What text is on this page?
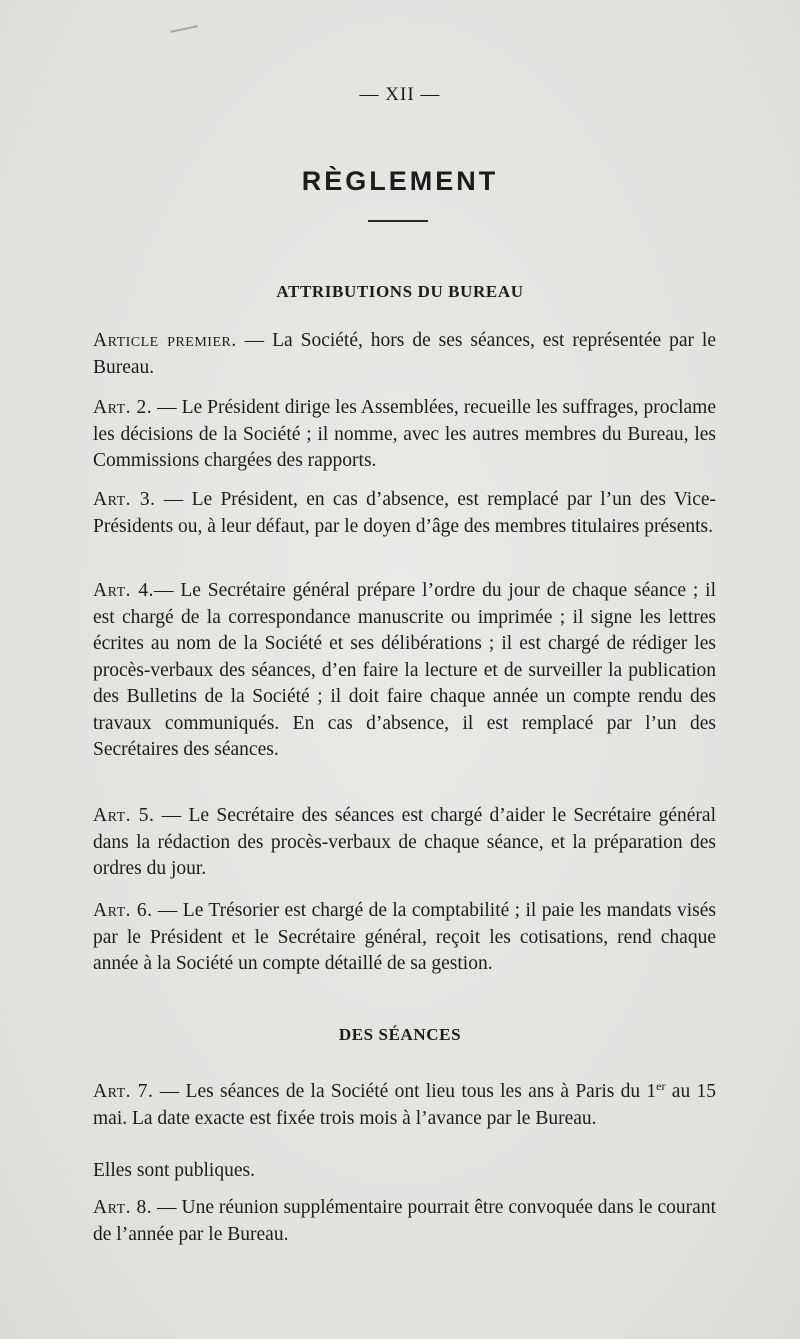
— XII —
RÈGLEMENT
ATTRIBUTIONS DU BUREAU
Article premier. — La Société, hors de ses séances, est représentée par le Bureau.
Art. 2. — Le Président dirige les Assemblées, recueille les suffrages, proclame les décisions de la Société ; il nomme, avec les autres membres du Bureau, les Commissions chargées des rapports.
Art. 3. — Le Président, en cas d’absence, est remplacé par l’un des Vice-Présidents ou, à leur défaut, par le doyen d’âge des membres titulaires présents.
Art. 4.— Le Secrétaire général prépare l’ordre du jour de chaque séance ; il est chargé de la correspondance manuscrite ou imprimée ; il signe les lettres écrites au nom de la Société et ses délibérations ; il est chargé de rédiger les procès-verbaux des séances, d’en faire la lecture et de surveiller la publication des Bulletins de la Société ; il doit faire chaque année un compte rendu des travaux communiqués. En cas d’absence, il est remplacé par l’un des Secrétaires des séances.
Art. 5. — Le Secrétaire des séances est chargé d’aider le Secrétaire général dans la rédaction des procès-verbaux de chaque séance, et la préparation des ordres du jour.
Art. 6. — Le Trésorier est chargé de la comptabilité ; il paie les mandats visés par le Président et le Secrétaire général, reçoit les cotisations, rend chaque année à la Société un compte détaillé de sa gestion.
DES SÉANCES
Art. 7. — Les séances de la Société ont lieu tous les ans à Paris du 1er au 15 mai. La date exacte est fixée trois mois à l’avance par le Bureau.
Elles sont publiques.
Art. 8. — Une réunion supplémentaire pourrait être convoquée dans le courant de l’année par le Bureau.
